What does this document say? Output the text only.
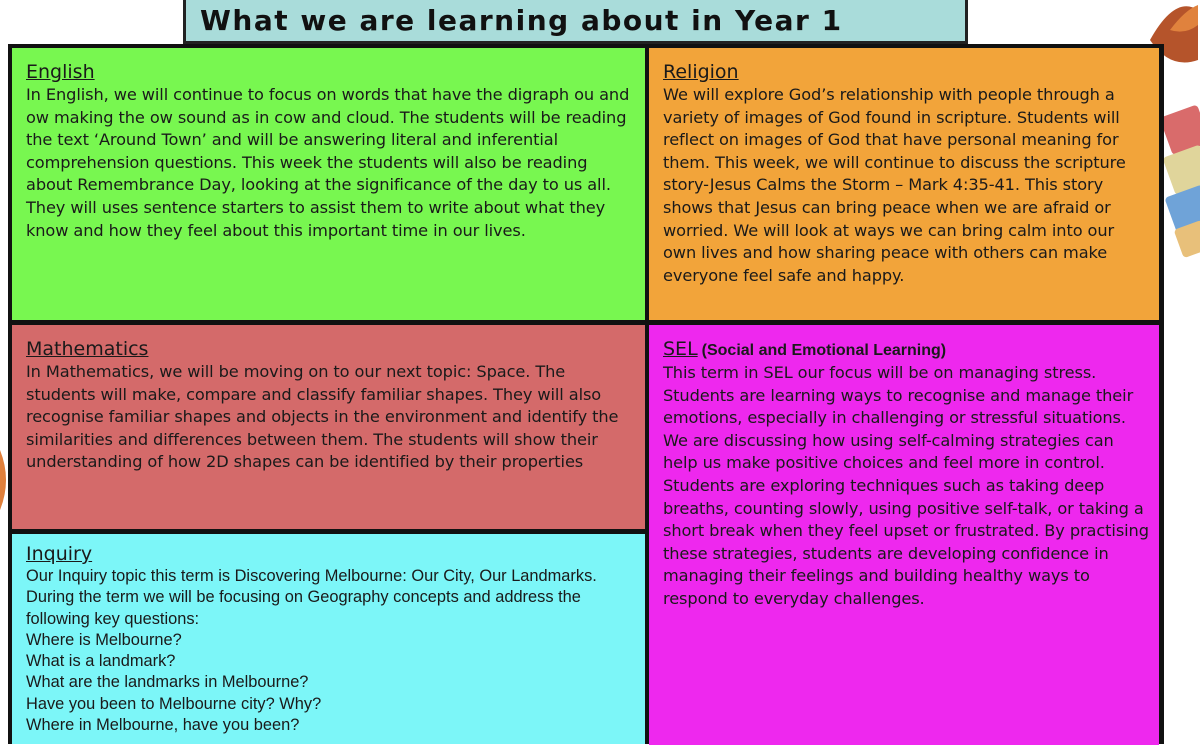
What we are learning about in Year 1
English

In English, we will continue to focus on words that have the digraph ou and ow making the ow sound as in cow and cloud. The students will be reading the text ‘Around Town’ and will be answering literal and inferential comprehension questions. This week the students will also be reading about Remembrance Day, looking at the significance of the day to us all. They will uses sentence starters to assist them to write about what they know and how they feel about this important time in our lives.

Religion

We will explore God’s relationship with people through a variety of images of God found in scripture. Students will reflect on images of God that have personal meaning for them. This week, we will continue to discuss the scripture story-Jesus Calms the Storm – Mark 4:35-41. This story shows that Jesus can bring peace when we are afraid or worried. We will look at ways we can bring calm into our own lives and how sharing peace with others can make everyone feel safe and happy.

Mathematics

In Mathematics, we will be moving on to our next topic: Space. The students will make, compare and classify familiar shapes. They will also recognise familiar shapes and objects in the environment and identify the similarities and differences between them. The students will show their understanding of how 2D shapes can be identified by their properties

SEL (Social and Emotional Learning)

This term in SEL our focus will be on managing stress. Students are learning ways to recognise and manage their emotions, especially in challenging or stressful situations. We are discussing how using self-calming strategies can help us make positive choices and feel more in control. Students are exploring techniques such as taking deep breaths, counting slowly, using positive self-talk, or taking a short break when they feel upset or frustrated. By practising these strategies, students are developing confidence in managing their feelings and building healthy ways to respond to everyday challenges.

Inquiry
Our Inquiry topic this term is Discovering Melbourne: Our City, Our Landmarks. During the term we will be focusing on Geography concepts and address the following key questions:
Where is Melbourne?
What is a landmark?
What are the landmarks in Melbourne?
Have you been to Melbourne city? Why?
Where in Melbourne, have you been?
